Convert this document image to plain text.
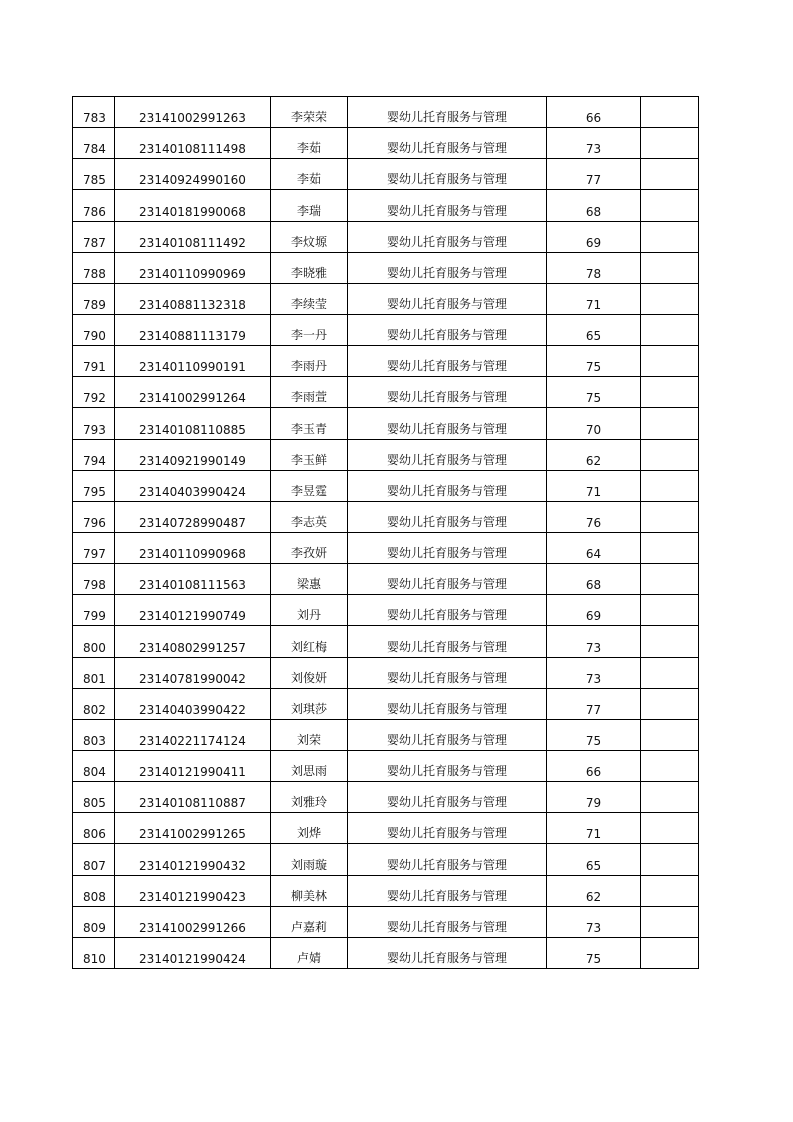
783	23141002991263	李荣荣	婴幼儿托育服务与管理	66	
784	23140108111498	李茹	婴幼儿托育服务与管理	73	
785	23140924990160	李茹	婴幼儿托育服务与管理	77	
786	23140181990068	李瑞	婴幼儿托育服务与管理	68	
787	23140108111492	李炆塬	婴幼儿托育服务与管理	69	
788	23140110990969	李晓雅	婴幼儿托育服务与管理	78	
789	23140881132318	李续莹	婴幼儿托育服务与管理	71	
790	23140881113179	李一丹	婴幼儿托育服务与管理	65	
791	23140110990191	李雨丹	婴幼儿托育服务与管理	75	
792	23141002991264	李雨萱	婴幼儿托育服务与管理	75	
793	23140108110885	李玉青	婴幼儿托育服务与管理	70	
794	23140921990149	李玉鲜	婴幼儿托育服务与管理	62	
795	23140403990424	李昱霆	婴幼儿托育服务与管理	71	
796	23140728990487	李志英	婴幼儿托育服务与管理	76	
797	23140110990968	李孜妍	婴幼儿托育服务与管理	64	
798	23140108111563	梁惠	婴幼儿托育服务与管理	68	
799	23140121990749	刘丹	婴幼儿托育服务与管理	69	
800	23140802991257	刘红梅	婴幼儿托育服务与管理	73	
801	23140781990042	刘俊妍	婴幼儿托育服务与管理	73	
802	23140403990422	刘琪莎	婴幼儿托育服务与管理	77	
803	23140221174124	刘荣	婴幼儿托育服务与管理	75	
804	23140121990411	刘思雨	婴幼儿托育服务与管理	66	
805	23140108110887	刘雅玲	婴幼儿托育服务与管理	79	
806	23141002991265	刘烨	婴幼儿托育服务与管理	71	
807	23140121990432	刘雨璇	婴幼儿托育服务与管理	65	
808	23140121990423	柳美林	婴幼儿托育服务与管理	62	
809	23141002991266	卢嘉莉	婴幼儿托育服务与管理	73	
810	23140121990424	卢婧	婴幼儿托育服务与管理	75	
